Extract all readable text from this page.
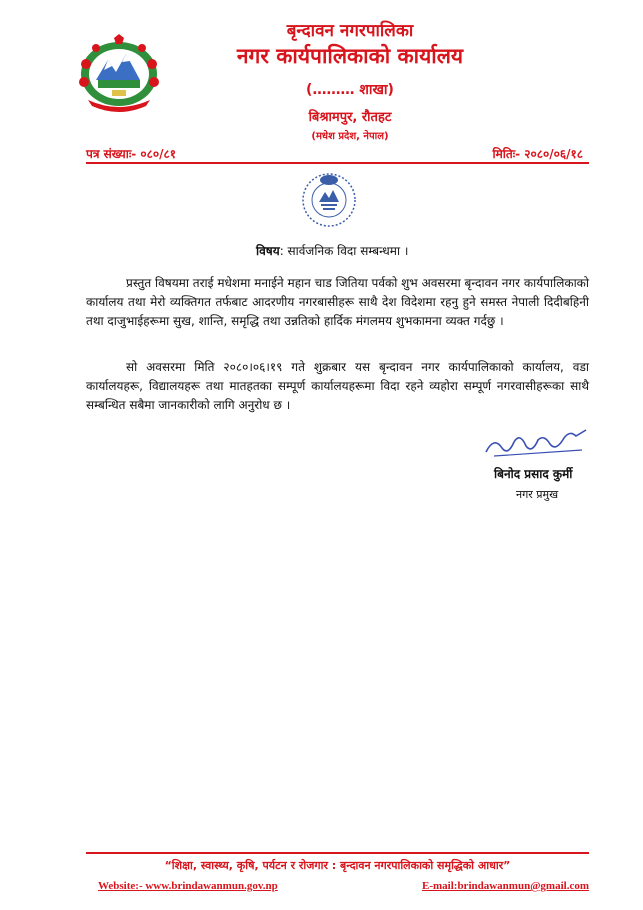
बृन्दावन नगरपालिका
नगर कार्यपालिकाको कार्यालय
(……… शाखा)
बिश्रामपुर, रौतहट
(मधेश प्रदेश, नेपाल)
पत्र संख्याः- ०८०/८१	मितिः- २०८०/०६/१८
विषय: सार्वजनिक विदा सम्बन्धमा ।
प्रस्तुत विषयमा तराई मधेशमा मनाईने महान चाड जितिया पर्वको शुभ अवसरमा बृन्दावन नगर कार्यपालिकाको कार्यालय तथा मेरो व्यक्तिगत तर्फबाट आदरणीय नगरबासीहरू साथै देश विदेशमा रहनु हुने समस्त नेपाली दिदीबहिनी तथा दाजुभाईहरूमा सुख, शान्ति, समृद्धि तथा उन्नतिको हार्दिक मंगलमय शुभकामना व्यक्त गर्दछु ।
सो अवसरमा मिति २०८०।०६।१९ गते शुक्रबार यस बृन्दावन नगर कार्यपालिकाको कार्यालय, वडा कार्यालयहरू, विद्यालयहरू तथा मातहतका सम्पूर्ण कार्यालयहरूमा विदा रहने व्यहोरा सम्पूर्ण नगरवासीहरूका साथै सम्बन्धित सबैमा जानकारीको लागि अनुरोध छ ।
बिनोद प्रसाद कुर्मी
नगर प्रमुख
“शिक्षा, स्वास्थ्य, कृषि, पर्यटन र रोजगार : बृन्दावन नगरपालिकाको समृद्धिको आधार”
Website:- www.brindawanmun.gov.np	E-mail:brindawanmun@gmail.com
